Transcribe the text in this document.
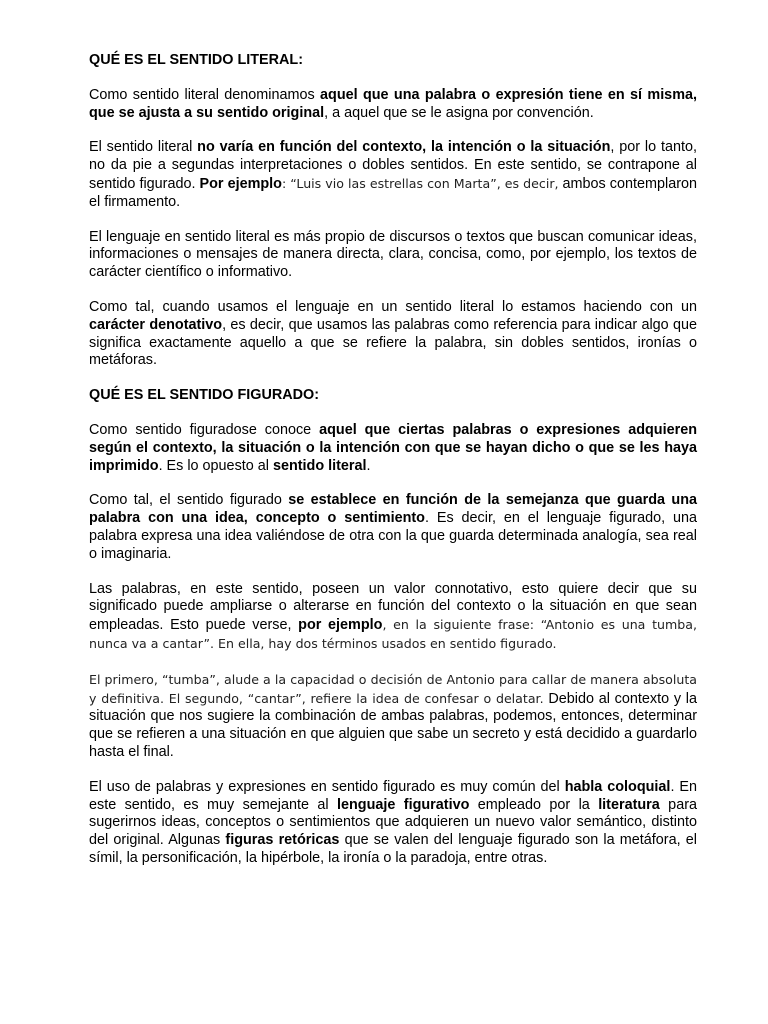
QUÉ ES EL SENTIDO LITERAL:

Como sentido literal denominamos aquel que una palabra o expresión tiene en sí misma, que se ajusta a su sentido original, a aquel que se le asigna por convención.

El sentido literal no varía en función del contexto, la intención o la situación, por lo tanto, no da pie a segundas interpretaciones o dobles sentidos. En este sentido, se contrapone al sentido figurado. Por ejemplo: “Luis vio las estrellas con Marta”, es decir, ambos contemplaron el firmamento.

El lenguaje en sentido literal es más propio de discursos o textos que buscan comunicar ideas, informaciones o mensajes de manera directa, clara, concisa, como, por ejemplo, los textos de carácter científico o informativo.

Como tal, cuando usamos el lenguaje en un sentido literal lo estamos haciendo con un carácter denotativo, es decir, que usamos las palabras como referencia para indicar algo que significa exactamente aquello a que se refiere la palabra, sin dobles sentidos, ironías o metáforas.

QUÉ ES EL SENTIDO FIGURADO:

Como sentido figuradose conoce aquel que ciertas palabras o expresiones adquieren según el contexto, la situación o la intención con que se hayan dicho o que se les haya imprimido. Es lo opuesto al sentido literal.

Como tal, el sentido figurado se establece en función de la semejanza que guarda una palabra con una idea, concepto o sentimiento. Es decir, en el lenguaje figurado, una palabra expresa una idea valiéndose de otra con la que guarda determinada analogía, sea real o imaginaria.

Las palabras, en este sentido, poseen un valor connotativo, esto quiere decir que su significado puede ampliarse o alterarse en función del contexto o la situación en que sean empleadas. Esto puede verse, por ejemplo, en la siguiente frase: “Antonio es una tumba, nunca va a cantar”. En ella, hay dos términos usados en sentido figurado.

El primero, “tumba”, alude a la capacidad o decisión de Antonio para callar de manera absoluta y definitiva. El segundo, “cantar”, refiere la idea de confesar o delatar. Debido al contexto y la situación que nos sugiere la combinación de ambas palabras, podemos, entonces, determinar que se refieren a una situación en que alguien que sabe un secreto y está decidido a guardarlo hasta el final.

El uso de palabras y expresiones en sentido figurado es muy común del habla coloquial. En este sentido, es muy semejante al lenguaje figurativo empleado por la literatura para sugerirnos ideas, conceptos o sentimientos que adquieren un nuevo valor semántico, distinto del original. Algunas figuras retóricas que se valen del lenguaje figurado son la metáfora, el símil, la personificación, la hipérbole, la ironía o la paradoja, entre otras.
